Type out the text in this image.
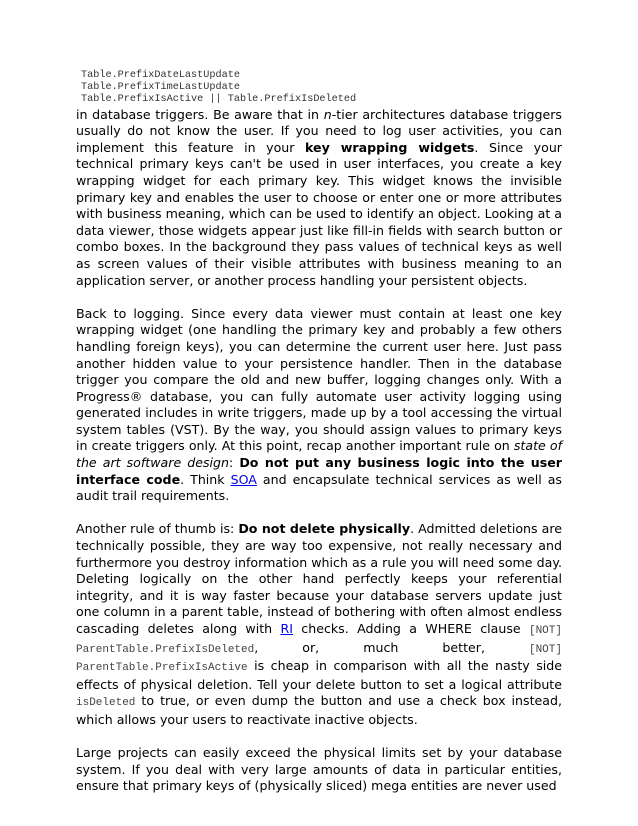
Table.PrefixDateLastUpdate
Table.PrefixTimeLastUpdate
Table.PrefixIsActive || Table.PrefixIsDeleted

in database triggers. Be aware that in n-tier architectures database triggers usually do not know the user. If you need to log user activities, you can implement this feature in your key wrapping widgets. Since your technical primary keys can't be used in user interfaces, you create a key wrapping widget for each primary key. This widget knows the invisible primary key and enables the user to choose or enter one or more attributes with business meaning, which can be used to identify an object. Looking at a data viewer, those widgets appear just like fill-in fields with search button or combo boxes. In the background they pass values of technical keys as well as screen values of their visible attributes with business meaning to an application server, or another process handling your persistent objects.

Back to logging. Since every data viewer must contain at least one key wrapping widget (one handling the primary key and probably a few others handling foreign keys), you can determine the current user here. Just pass another hidden value to your persistence handler. Then in the database trigger you compare the old and new buffer, logging changes only. With a Progress® database, you can fully automate user activity logging using generated includes in write triggers, made up by a tool accessing the virtual system tables (VST). By the way, you should assign values to primary keys in create triggers only. At this point, recap another important rule on state of the art software design: Do not put any business logic into the user interface code. Think SOA and encapsulate technical services as well as audit trail requirements.

Another rule of thumb is: Do not delete physically. Admitted deletions are technically possible, they are way too expensive, not really necessary and furthermore you destroy information which as a rule you will need some day. Deleting logically on the other hand perfectly keeps your referential integrity, and it is way faster because your database servers update just one column in a parent table, instead of bothering with often almost endless cascading deletes along with RI checks. Adding a WHERE clause [NOT] ParentTable.PrefixIsDeleted, or, much better, [NOT] ParentTable.PrefixIsActive is cheap in comparison with all the nasty side effects of physical deletion. Tell your delete button to set a logical attribute isDeleted to true, or even dump the button and use a check box instead, which allows your users to reactivate inactive objects.

Large projects can easily exceed the physical limits set by your database system. If you deal with very large amounts of data in particular entities, ensure that primary keys of (physically sliced) mega entities are never used
